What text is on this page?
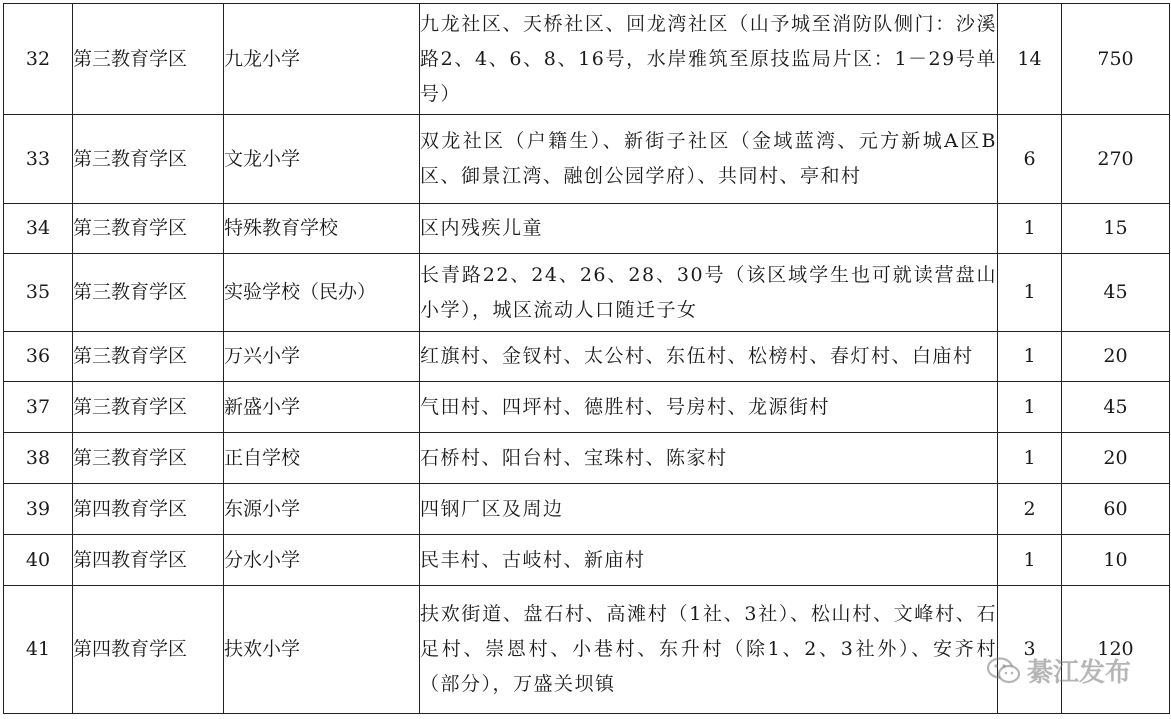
32	第三教育学区	九龙小学	九龙社区、天桥社区、回龙湾社区（山予城至消防队侧门：沙溪路2、4、6、8、16号，水岸雅筑至原技监局片区：1－29号单号）	14	750
33	第三教育学区	文龙小学	双龙社区（户籍生）、新街子社区（金域蓝湾、元方新城A区B区、御景江湾、融创公园学府）、共同村、亭和村	6	270
34	第三教育学区	特殊教育学校	区内残疾儿童	1	15
35	第三教育学区	实验学校（民办）	长青路22、24、26、28、30号（该区域学生也可就读营盘山小学），城区流动人口随迁子女	1	45
36	第三教育学区	万兴小学	红旗村、金钗村、太公村、东伍村、松榜村、春灯村、白庙村	1	20
37	第三教育学区	新盛小学	气田村、四坪村、德胜村、号房村、龙源街村	1	45
38	第三教育学区	正自学校	石桥村、阳台村、宝珠村、陈家村	1	20
39	第四教育学区	东源小学	四钢厂区及周边	2	60
40	第四教育学区	分水小学	民丰村、古岐村、新庙村	1	10
41	第四教育学区	扶欢小学	扶欢街道、盘石村、高滩村（1社、3社）、松山村、文峰村、石足村、崇恩村、小巷村、东升村（除1、2、3社外）、安齐村（部分），万盛关坝镇	3	120
綦江发布
